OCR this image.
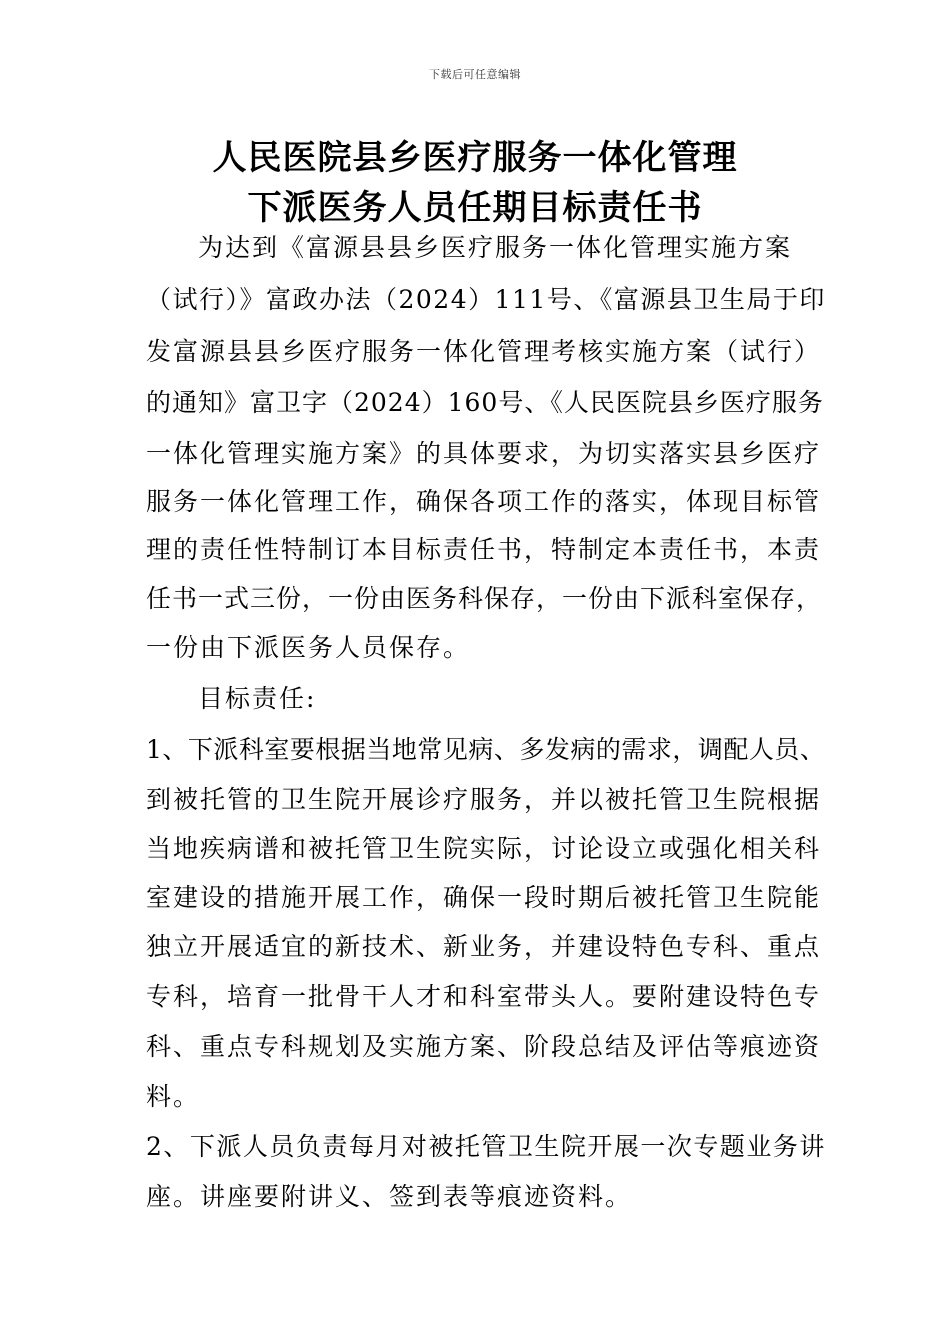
下载后可任意编辑
人民医院县乡医疗服务一体化管理
下派医务人员任期目标责任书
为达到《富源县县乡医疗服务一体化管理实施方案
（试行）》富政办法（2024）111号、《富源县卫生局于印
发富源县县乡医疗服务一体化管理考核实施方案（试行）
的通知》富卫字（2024）160号、《人民医院县乡医疗服务
一体化管理实施方案》的具体要求，为切实落实县乡医疗
服务一体化管理工作，确保各项工作的落实，体现目标管
理的责任性特制订本目标责任书，特制定本责任书，本责
任书一式三份，一份由医务科保存，一份由下派科室保存，
一份由下派医务人员保存。
目标责任:
1、下派科室要根据当地常见病、多发病的需求，调配人员、
到被托管的卫生院开展诊疗服务，并以被托管卫生院根据
当地疾病谱和被托管卫生院实际，讨论设立或强化相关科
室建设的措施开展工作，确保一段时期后被托管卫生院能
独立开展适宜的新技术、新业务，并建设特色专科、重点
专科，培育一批骨干人才和科室带头人。要附建设特色专
科、重点专科规划及实施方案、阶段总结及评估等痕迹资
料。
2、下派人员负责每月对被托管卫生院开展一次专题业务讲
座。讲座要附讲义、签到表等痕迹资料。
